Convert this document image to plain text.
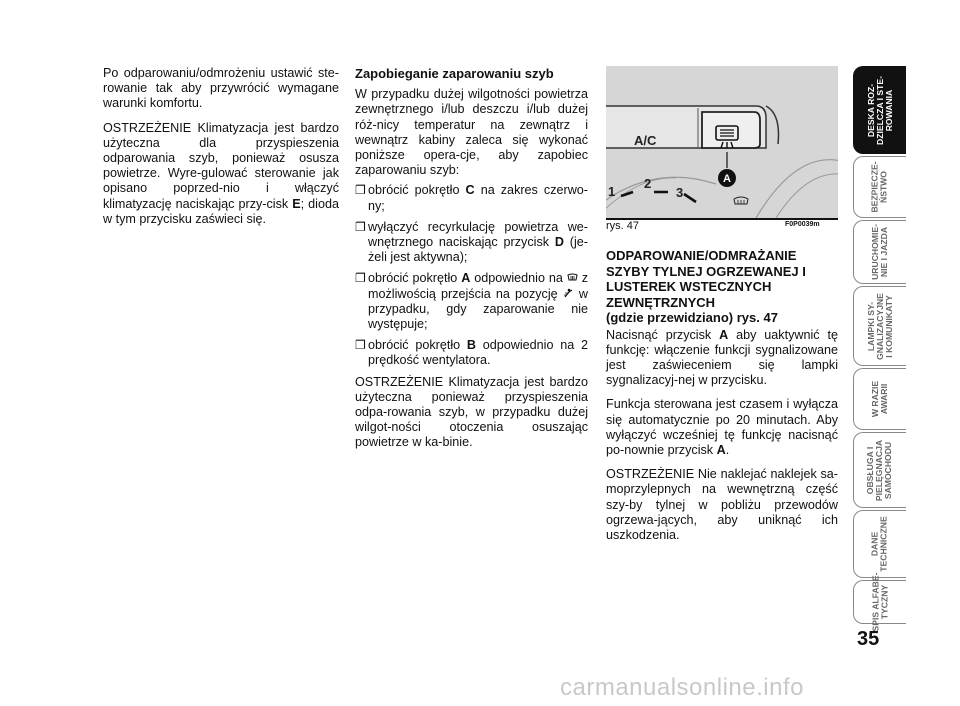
Po odparowaniu/odmrożeniu ustawić ste-rowanie tak aby przywrócić wymagane warunki komfortu.

OSTRZEŻENIE Klimatyzacja jest bardzo użyteczna dla przyspieszenia odparowania szyb, ponieważ osusza powietrze. Wyre-gulować sterowanie jak opisano poprzed-nio i włączyć klimatyzację naciskając przy-cisk E; dioda w tym przycisku zaświeci się.

Zapobieganie zaparowaniu szyb

W przypadku dużej wilgotności powietrza zewnętrznego i/lub deszczu i/lub dużej róż-nicy temperatur na zewnątrz i wewnątrz kabiny zaleca się wykonać poniższe opera-cje, aby zapobiec zaparowaniu szyb:

❒ obrócić pokrętło C na zakres czerwo-ny;
❒ wyłączyć recyrkulację powietrza we-wnętrznego naciskając przycisk D (je-żeli jest aktywna);
❒ obrócić pokrętło A odpowiednio na  z możliwością przejścia na pozycję  w przypadku, gdy zaparowanie nie występuje;
❒ obrócić pokrętło B odpowiednio na 2 prędkość wentylatora.

OSTRZEŻENIE Klimatyzacja jest bardzo użyteczna ponieważ przyspieszenia odpa-rowania szyb, w przypadku dużej wilgot-ności otoczenia osuszając powietrze w ka-binie.

A
A/C
1
2
3
rys. 47	F0P0039m

ODPAROWANIE/ODMRAŻANIE
SZYBY TYLNEJ OGRZEWANEJ I
LUSTEREK WSTECZNYCH
ZEWNĘTRZNYCH
(gdzie przewidziano) rys. 47

Nacisnąć przycisk A aby uaktywnić tę funkcję: włączenie funkcji sygnalizowane jest zaświeceniem się lampki sygnalizacyj-nej w przycisku.

Funkcja sterowana jest czasem i wyłącza się automatycznie po 20 minutach. Aby wyłączyć wcześniej tę funkcję nacisnąć po-nownie przycisk A.

OSTRZEŻENIE Nie naklejać naklejek sa-moprzylepnych na wewnętrzną część szy-by tylnej w pobliżu przewodów ogrzewa-jących, aby uniknąć ich uszkodzenia.

DESKA ROZ-
DZIELCZA I STE-
ROWANIA
BEZPIECZE-
ŃSTWO
URUCHOMIE-
NIE I JAZDA
LAMPKI SY-
GNALIZACYJNE
I KOMUNIKATY
W RAZIE
AWARII
OBSŁUGA I
PIELĘGNACJA
SAMOCHODU
DANE
TECHNICZNE
SPIS ALFABE-
TYCZNY
35
carmanualsonline.info
